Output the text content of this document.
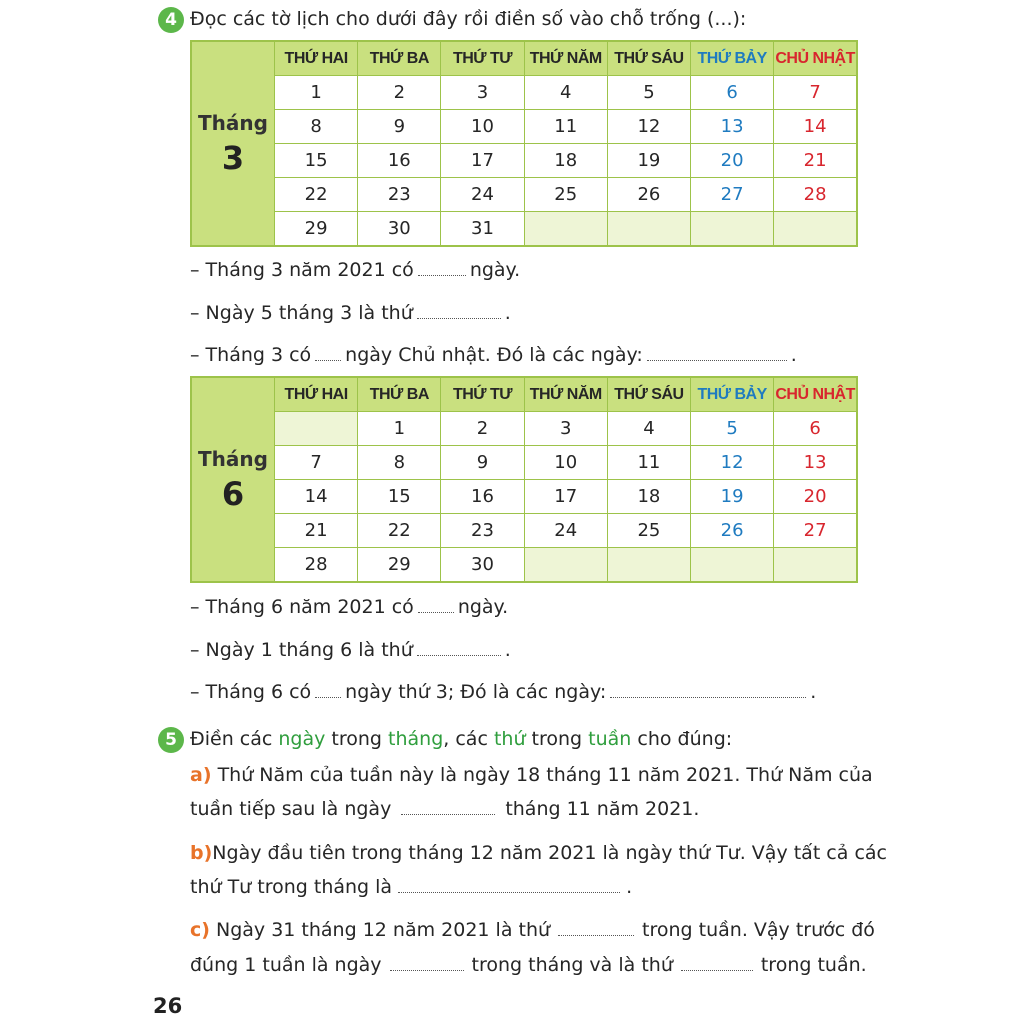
4 Đọc các tờ lịch cho dưới đây rồi điền số vào chỗ trống (...):
Tháng
3	THỨ HAI	THỨ BA	THỨ TƯ	THỨ NĂM	THỨ SÁU	THỨ BẢY	CHỦ NHẬT
	1	2	3	4	5	6	7
	8	9	10	11	12	13	14
	15	16	17	18	19	20	21
	22	23	24	25	26	27	28
	29	30	31				
– Tháng 3 năm 2021 có	ngày.
– Ngày 5 tháng 3 là thứ	.
– Tháng 3 có ngày Chủ nhật. Đó là các ngày:	.
Tháng
6	THỨ HAI	THỨ BA	THỨ TƯ	THỨ NĂM	THỨ SÁU	THỨ BẢY	CHỦ NHẬT
		1	2	3	4	5	6
	7	8	9	10	11	12	13
	14	15	16	17	18	19	20
	21	22	23	24	25	26	27
	28	29	30				
– Tháng 6 năm 2021 có ngày.
– Ngày 1 tháng 6 là thứ	.
– Tháng 6 có ngày thứ 3; Đó là các ngày:	.
5 Điền các ngày trong tháng, các thứ trong tuần cho đúng:
a) Thứ Năm của tuần này là ngày 18 tháng 11 năm 2021. Thứ Năm của
tuần tiếp sau là ngày	tháng 11 năm 2021.
b)Ngày đầu tiên trong tháng 12 năm 2021 là ngày thứ Tư. Vậy tất cả các
thứ Tư trong tháng là	.
c) Ngày 31 tháng 12 năm 2021 là thứ	trong tuần. Vậy trước đó
đúng 1 tuần là ngày	trong tháng và là thứ	trong tuần.
26
